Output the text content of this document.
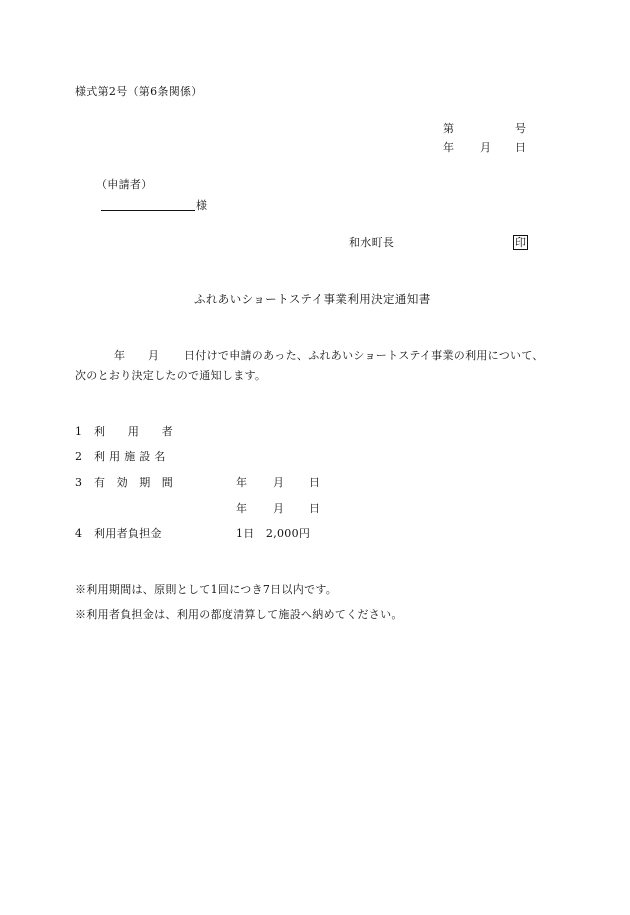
様式第2号（第6条関係）
第	号
年 月 日
（申請者）
様
和水町長	印
ふれあいショートステイ事業利用決定通知書
年 月 日付けで申請のあった、ふれあいショートステイ事業の利用について、
次のとおり決定したので通知します。
1 利　　用　　者
2 利 用 施 設 名
3 有　効　期　間	年 月 日
年 月 日
4 利用者負担金	1日　2,000円
※利用期間は、原則として1回につき7日以内です。
※利用者負担金は、利用の都度清算して施設へ納めてください。
